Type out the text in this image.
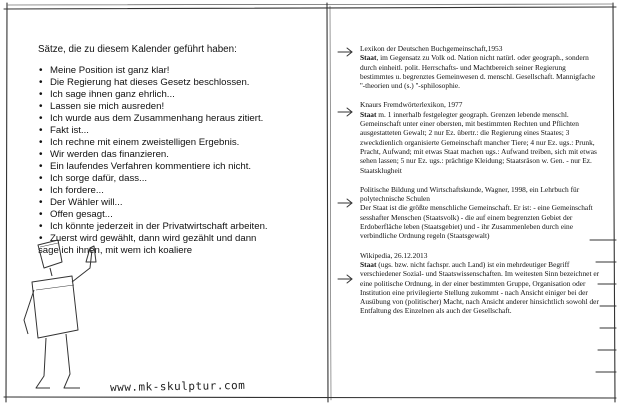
Sätze, die zu diesem Kalender geführt haben:

• Meine Position ist ganz klar!
• Die Regierung hat dieses Gesetz beschlossen.
• Ich sage ihnen ganz ehrlich...
• Lassen sie mich ausreden!
• Ich wurde aus dem Zusammenhang heraus zitiert.
• Fakt ist...
• Ich rechne mit einem zweistelligen Ergebnis.
• Wir werden das finanzieren.
• Ein laufendes Verfahren kommentiere ich nicht.
• Ich sorge dafür, dass...
• Ich fordere...
• Der Wähler will...
• Offen gesagt...
• Ich könnte jederzeit in der Privatwirtschaft arbeiten.
• Zuerst wird gewählt, dann wird gezählt und dann
sage ich ihnen, mit wem ich koaliere
www.mk-skulptur.com

Lexikon der Deutschen Buchgemeinschaft,1953

Staat, im Gegensatz zu Volk od. Nation nicht natürl. oder geograph., sondern durch einheitl. polit. Herrschafts- und Machtbereich seiner Regierung bestimmtes u. begrenztes Gemeinwesen d. menschl. Gesellschaft. Mannigfache ''-theorien und (s.) ''-sphilosophie.

Knaurs Fremdwörterlexikon, 1977

Staat m. 1 innerhalb festgelegter geograph. Grenzen lebende menschl. Gemeinschaft unter einer obersten, mit bestimmten Rechten und Pflichten ausgestatteten Gewalt; 2 nur Ez. übertr.: die Regierung eines Staates; 3 zweckdienlich organisierte Gemeinschaft mancher Tiere; 4 nur Ez. ugs.: Prunk, Pracht, Aufwand; mit etwas Staat machen ugs.: Aufwand treiben, sich mit etwas sehen lassen; 5 nur Ez. ugs.: prächtige Kleidung; Staatsräson w. Gen. - nur Ez. Staatsklugheit

Politische Bildung und Wirtschaftskunde, Wagner, 1998, ein Lehrbuch für polytechnische Schulen

Der Staat ist die größte menschliche Gemeinschaft. Er ist: - eine Gemeinschaft sesshafter Menschen (Staatsvolk) - die auf einem begrenzten Gebiet der Erdoberfläche leben (Staatsgebiet) und - ihr Zusammenleben durch eine verbindliche Ordnung regeln (Staatsgewalt)

Wikipedia, 26.12.2013

Staat (ugs. bzw. nicht fachspr. auch Land) ist ein mehrdeutiger Begriff verschiedener Sozial- und Staatswissenschaften. Im weitesten Sinn bezeichnet er eine politische Ordnung, in der einer bestimmten Gruppe, Organisation oder Institution eine privilegierte Stellung zukommt - nach Ansicht einiger bei der Ausübung von (politischer) Macht, nach Ansicht anderer hinsichtlich sowohl der Entfaltung des Einzelnen als auch der Gesellschaft.
